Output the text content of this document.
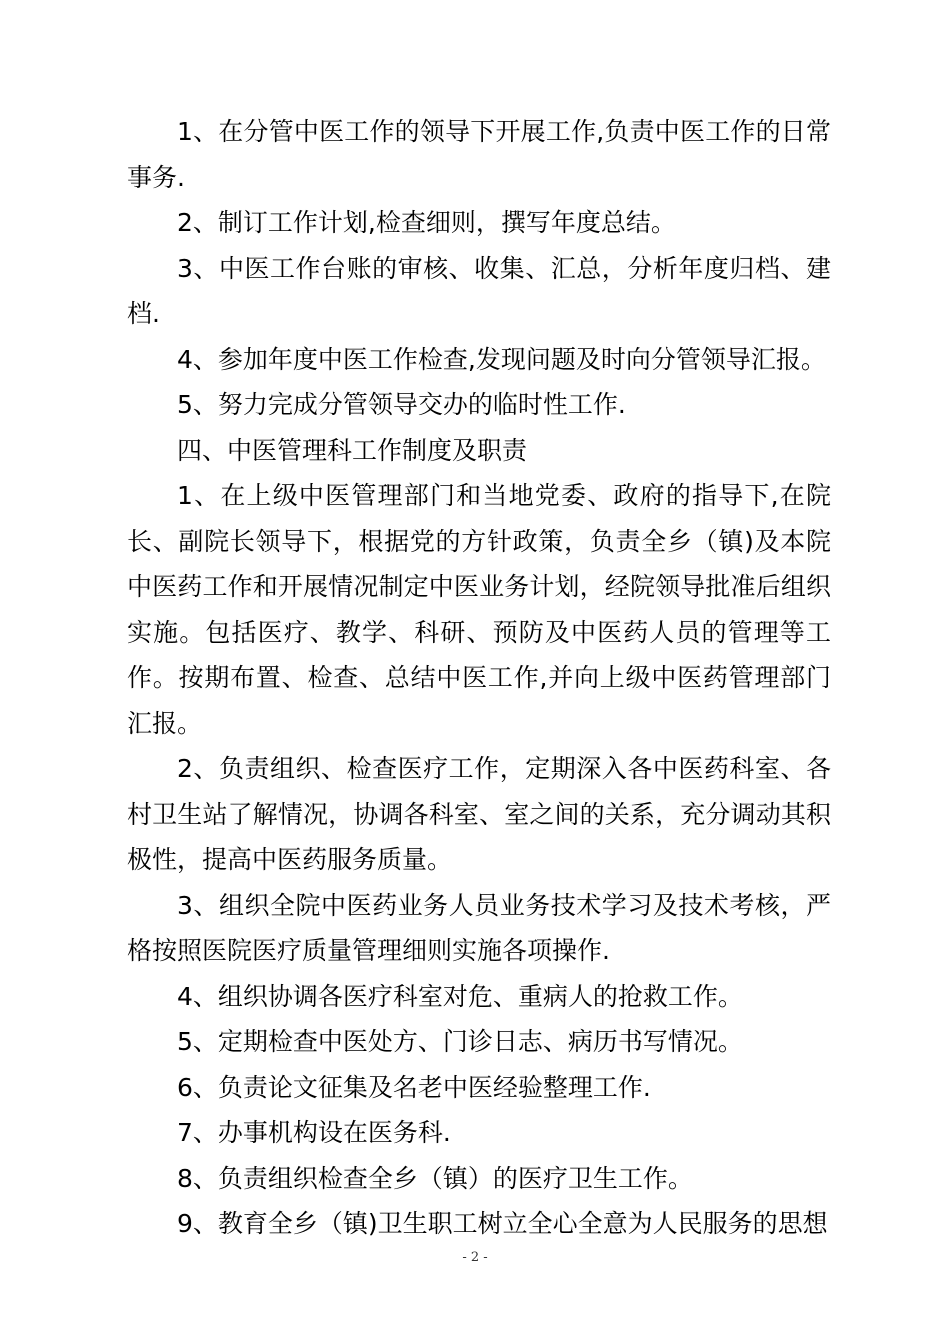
1、在分管中医工作的领导下开展工作,负责中医工作的日常事务.

2、制订工作计划,检查细则，撰写年度总结。

3、中医工作台账的审核、收集、汇总，分析年度归档、建档.

4、参加年度中医工作检查,发现问题及时向分管领导汇报。

5、努力完成分管领导交办的临时性工作.

四、中医管理科工作制度及职责

1、在上级中医管理部门和当地党委、政府的指导下,在院长、副院长领导下，根据党的方针政策，负责全乡（镇)及本院中医药工作和开展情况制定中医业务计划，经院领导批准后组织实施。包括医疗、教学、科研、预防及中医药人员的管理等工作。按期布置、检查、总结中医工作,并向上级中医药管理部门汇报。

2、负责组织、检查医疗工作，定期深入各中医药科室、各村卫生站了解情况，协调各科室、室之间的关系，充分调动其积极性，提高中医药服务质量。

3、组织全院中医药业务人员业务技术学习及技术考核，严格按照医院医疗质量管理细则实施各项操作.

4、组织协调各医疗科室对危、重病人的抢救工作。

5、定期检查中医处方、门诊日志、病历书写情况。

6、负责论文征集及名老中医经验整理工作.

7、办事机构设在医务科.

8、负责组织检查全乡（镇）的医疗卫生工作。

9、教育全乡（镇)卫生职工树立全心全意为人民服务的思想

- 2 -
